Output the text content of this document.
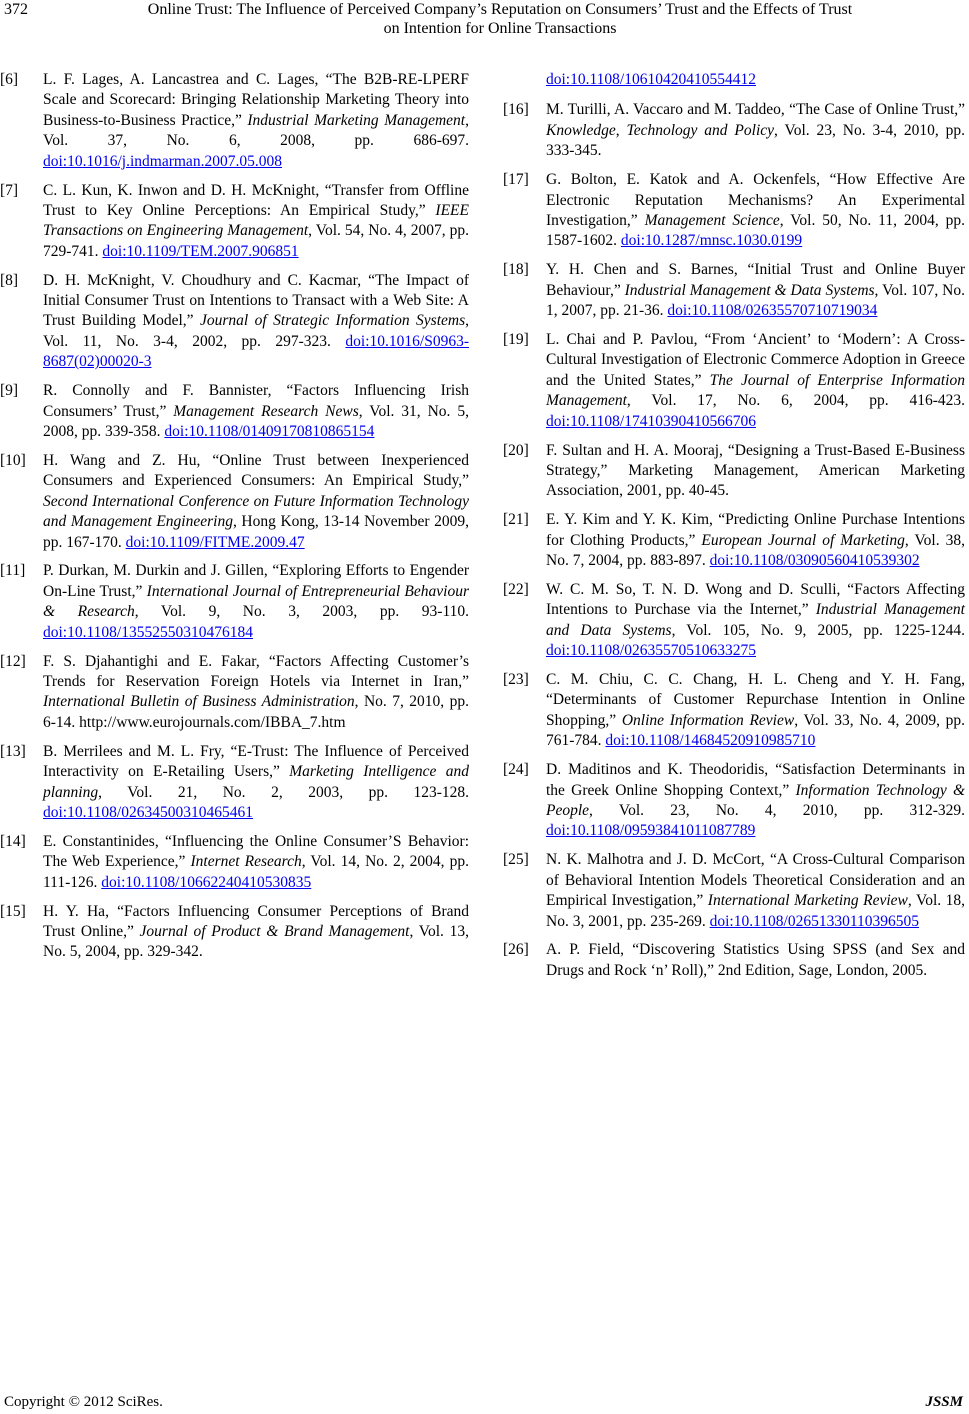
372	Online Trust: The Influence of Perceived Company’s Reputation on Consumers’ Trust and the Effects of Trust
on Intention for Online Transactions
[6] L. F. Lages, A. Lancastrea and C. Lages, “The B2B-RE-LPERF Scale and Scorecard: Bringing Relationship Marketing Theory into Business-to-Business Practice,” Industrial Marketing Management, Vol. 37, No. 6, 2008, pp. 686-697. doi:10.1016/j.indmarman.2007.05.008
[7] C. L. Kun, K. Inwon and D. H. McKnight, “Transfer from Offline Trust to Key Online Perceptions: An Empirical Study,” IEEE Transactions on Engineering Management, Vol. 54, No. 4, 2007, pp. 729-741. doi:10.1109/TEM.2007.906851
[8] D. H. McKnight, V. Choudhury and C. Kacmar, “The Impact of Initial Consumer Trust on Intentions to Transact with a Web Site: A Trust Building Model,” Journal of Strategic Information Systems, Vol. 11, No. 3-4, 2002, pp. 297-323. doi:10.1016/S0963-8687(02)00020-3
[9] R. Connolly and F. Bannister, “Factors Influencing Irish Consumers’ Trust,” Management Research News, Vol. 31, No. 5, 2008, pp. 339-358. doi:10.1108/01409170810865154
[10] H. Wang and Z. Hu, “Online Trust between Inexperienced Consumers and Experienced Consumers: An Empirical Study,” Second International Conference on Future Information Technology and Management Engineering, Hong Kong, 13-14 November 2009, pp. 167-170. doi:10.1109/FITME.2009.47
[11] P. Durkan, M. Durkin and J. Gillen, “Exploring Efforts to Engender On-Line Trust,” International Journal of Entrepreneurial Behaviour & Research, Vol. 9, No. 3, 2003, pp. 93-110. doi:10.1108/13552550310476184
[12] F. S. Djahantighi and E. Fakar, “Factors Affecting Customer’s Trends for Reservation Foreign Hotels via Internet in Iran,” International Bulletin of Business Administration, No. 7, 2010, pp. 6-14. http://www.eurojournals.com/IBBA_7.htm
[13] B. Merrilees and M. L. Fry, “E-Trust: The Influence of Perceived Interactivity on E-Retailing Users,” Marketing Intelligence and planning, Vol. 21, No. 2, 2003, pp. 123-128. doi:10.1108/02634500310465461
[14] E. Constantinides, “Influencing the Online Consumer’S Behavior: The Web Experience,” Internet Research, Vol. 14, No. 2, 2004, pp. 111-126. doi:10.1108/10662240410530835
[15] H. Y. Ha, “Factors Influencing Consumer Perceptions of Brand Trust Online,” Journal of Product & Brand Management, Vol. 13, No. 5, 2004, pp. 329-342.
doi:10.1108/10610420410554412
[16] M. Turilli, A. Vaccaro and M. Taddeo, “The Case of Online Trust,” Knowledge, Technology and Policy, Vol. 23, No. 3-4, 2010, pp. 333-345.
[17] G. Bolton, E. Katok and A. Ockenfels, “How Effective Are Electronic Reputation Mechanisms? An Experimental Investigation,” Management Science, Vol. 50, No. 11, 2004, pp. 1587-1602. doi:10.1287/mnsc.1030.0199
[18] Y. H. Chen and S. Barnes, “Initial Trust and Online Buyer Behaviour,” Industrial Management & Data Systems, Vol. 107, No. 1, 2007, pp. 21-36. doi:10.1108/02635570710719034
[19] L. Chai and P. Pavlou, “From ‘Ancient’ to ‘Modern’: A Cross-Cultural Investigation of Electronic Commerce Adoption in Greece and the United States,” The Journal of Enterprise Information Management, Vol. 17, No. 6, 2004, pp. 416-423. doi:10.1108/17410390410566706
[20] F. Sultan and H. A. Mooraj, “Designing a Trust-Based E-Business Strategy,” Marketing Management, American Marketing Association, 2001, pp. 40-45.
[21] E. Y. Kim and Y. K. Kim, “Predicting Online Purchase Intentions for Clothing Products,” European Journal of Marketing, Vol. 38, No. 7, 2004, pp. 883-897. doi:10.1108/03090560410539302
[22] W. C. M. So, T. N. D. Wong and D. Sculli, “Factors Affecting Intentions to Purchase via the Internet,” Industrial Management and Data Systems, Vol. 105, No. 9, 2005, pp. 1225-1244. doi:10.1108/02635570510633275
[23] C. M. Chiu, C. C. Chang, H. L. Cheng and Y. H. Fang, “Determinants of Customer Repurchase Intention in Online Shopping,” Online Information Review, Vol. 33, No. 4, 2009, pp. 761-784. doi:10.1108/14684520910985710
[24] D. Maditinos and K. Theodoridis, “Satisfaction Determinants in the Greek Online Shopping Context,” Information Technology & People, Vol. 23, No. 4, 2010, pp. 312-329. doi:10.1108/09593841011087789
[25] N. K. Malhotra and J. D. McCort, “A Cross-Cultural Comparison of Behavioral Intention Models Theoretical Consideration and an Empirical Investigation,” International Marketing Review, Vol. 18, No. 3, 2001, pp. 235-269. doi:10.1108/02651330110396505
[26] A. P. Field, “Discovering Statistics Using SPSS (and Sex and Drugs and Rock ‘n’ Roll),” 2nd Edition, Sage, London, 2005.
Copyright © 2012 SciRes.	JSSM
